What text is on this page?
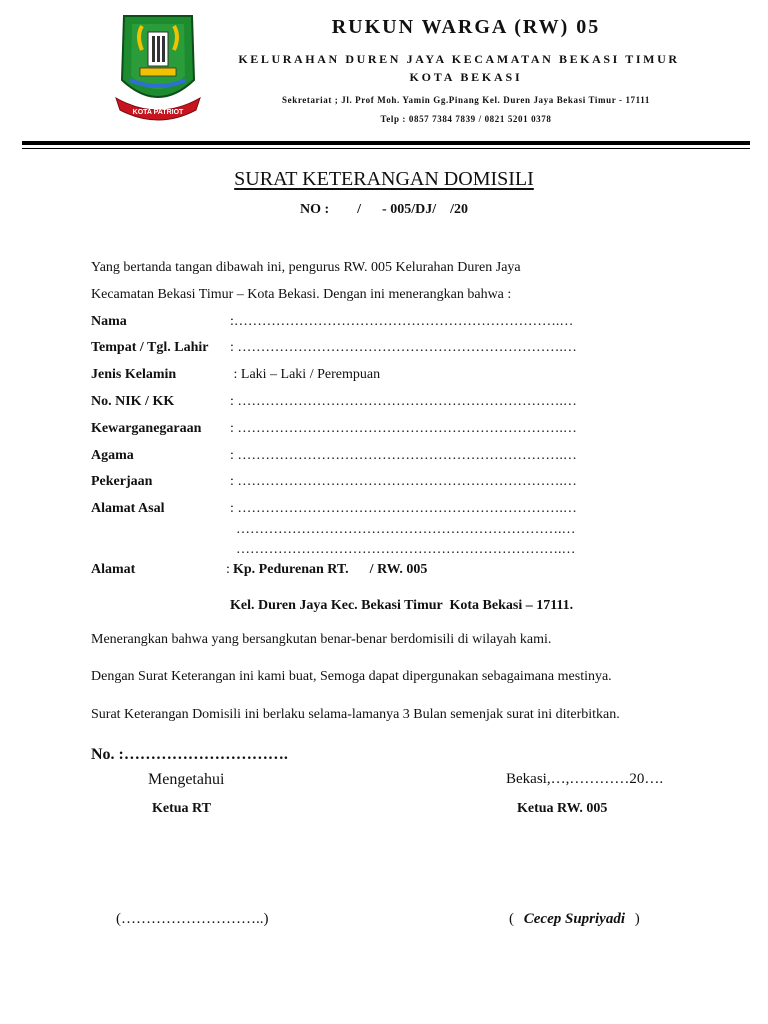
KOTA PATRIOT
RUKUN WARGA (RW) 05
KELURAHAN DUREN JAYA KECAMATAN BEKASI TIMUR
KOTA BEKASI
Sekretariat ; Jl. Prof Moh. Yamin Gg.Pinang Kel. Duren Jaya Bekasi Timur - 17111
Telp : 0857 7384 7839 / 0821 5201 0378
SURAT KETERANGAN DOMISILI
NO :        /      - 005/DJ/    /20
Yang bertanda tangan dibawah ini, pengurus RW. 005 Kelurahan Duren Jaya
Kecamatan Bekasi Timur – Kota Bekasi. Dengan ini menerangkan bahwa :
Nama	:…………………………………………………………….…
Tempat / Tgl. Lahir : …………………………………………………………….…
Jenis Kelamin	: Laki – Laki / Perempuan
No. NIK / KK	: …………………………………………………………….…
Kewarganegaraan : …………………………………………………………….…
Agama	: …………………………………………………………….…
Pekerjaan	: …………………………………………………………….…
Alamat Asal	: …………………………………………………………….…
…………………………………………………………….…
…………………………………………………………….…
Alamat	: Kp. Pedurenan RT.      / RW. 005
Kel. Duren Jaya Kec. Bekasi Timur  Kota Bekasi – 17111.
Menerangkan bahwa yang bersangkutan benar-benar berdomisili di wilayah kami.
Dengan Surat Keterangan ini kami buat, Semoga dapat dipergunakan sebagaimana mestinya.
Surat Keterangan Domisili ini berlaku selama-lamanya 3 Bulan semenjak surat ini diterbitkan.
No. :………………………….
Mengetahui	Bekasi,…,…………20….
Ketua RT	Ketua RW. 005
(………………………..)	( Cecep Supriyadi )
